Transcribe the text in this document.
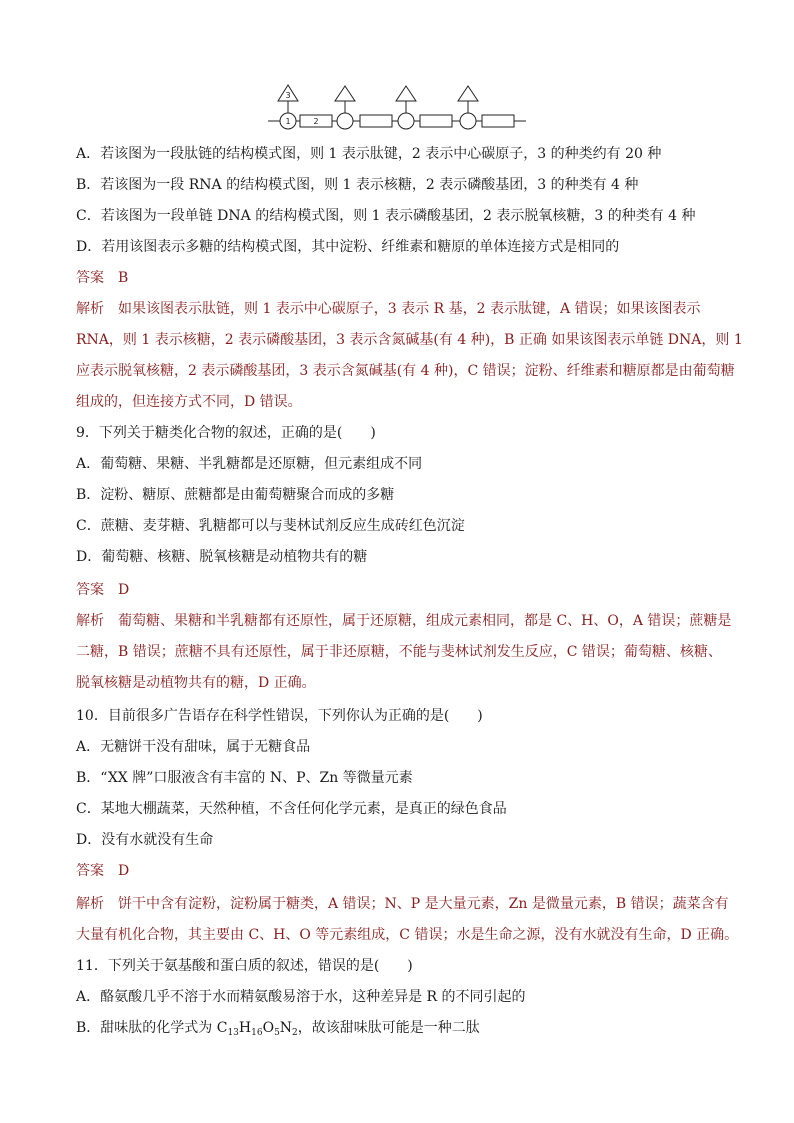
3
1	2
A．若该图为一段肽链的结构模式图，则 1 表示肽键，2 表示中心碳原子，3 的种类约有 20 种
B．若该图为一段 RNA 的结构模式图，则 1 表示核糖，2 表示磷酸基团，3 的种类有 4 种
C．若该图为一段单链 DNA 的结构模式图，则 1 表示磷酸基团，2 表示脱氧核糖，3 的种类有 4 种
D．若用该图表示多糖的结构模式图，其中淀粉、纤维素和糖原的单体连接方式是相同的
答案 B
解析 如果该图表示肽链，则 1 表示中心碳原子，3 表示 R 基，2 表示肽键，A 错误；如果该图表示
RNA，则 1 表示核糖，2 表示磷酸基团，3 表示含氮碱基(有 4 种)，B 正确 如果该图表示单链 DNA，则 1
应表示脱氧核糖，2 表示磷酸基团，3 表示含氮碱基(有 4 种)，C 错误；淀粉、纤维素和糖原都是由葡萄糖
组成的，但连接方式不同，D 错误。
9．下列关于糖类化合物的叙述，正确的是(　　)
A．葡萄糖、果糖、半乳糖都是还原糖，但元素组成不同
B．淀粉、糖原、蔗糖都是由葡萄糖聚合而成的多糖
C．蔗糖、麦芽糖、乳糖都可以与斐林试剂反应生成砖红色沉淀
D．葡萄糖、核糖、脱氧核糖是动植物共有的糖
答案 D
解析 葡萄糖、果糖和半乳糖都有还原性，属于还原糖，组成元素相同，都是 C、H、O，A 错误；蔗糖是
二糖，B 错误；蔗糖不具有还原性，属于非还原糖，不能与斐林试剂发生反应，C 错误；葡萄糖、核糖、
脱氧核糖是动植物共有的糖，D 正确。
10．目前很多广告语存在科学性错误，下列你认为正确的是(　　)
A．无糖饼干没有甜味，属于无糖食品
B．“XX 牌”口服液含有丰富的 N、P、Zn 等微量元素
C．某地大棚蔬菜，天然种植，不含任何化学元素，是真正的绿色食品
D．没有水就没有生命
答案 D
解析 饼干中含有淀粉，淀粉属于糖类，A 错误；N、P 是大量元素，Zn 是微量元素，B 错误；蔬菜含有
大量有机化合物，其主要由 C、H、O 等元素组成，C 错误；水是生命之源，没有水就没有生命，D 正确。
11．下列关于氨基酸和蛋白质的叙述，错误的是(　　)
A．酪氨酸几乎不溶于水而精氨酸易溶于水，这种差异是 R 的不同引起的
B．甜味肽的化学式为 $C_{13}H_{16}O_5N_2$，故该甜味肽可能是一种二肽
